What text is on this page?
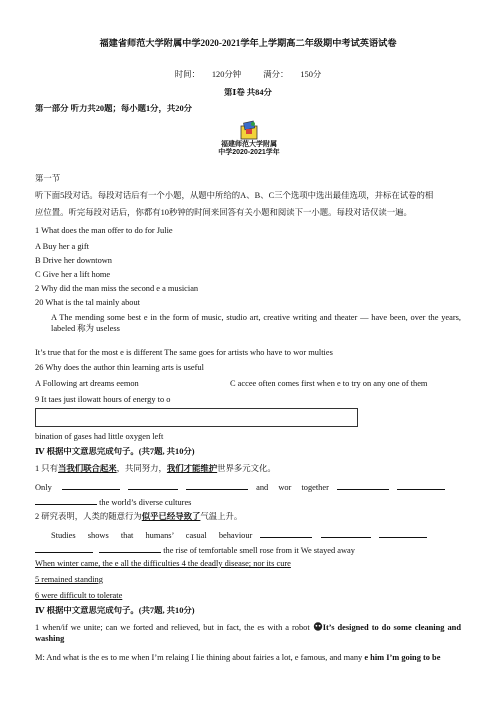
福建省师范大学附属中学2020-2021学年上学期高二年级期中考试英语试卷
时间： 120分钟	满分： 150分
第Ⅰ卷 共84分
第一部分 听力共20题；每小题1分，共20分
福建师范大学附属
中学2020-2021学年
第一节
听下面5段对话。每段对话后有一个小题，从题中所给的A、B、C三个选项中选出最佳选项，并标在试卷的相
应位置。听完每段对话后，你都有10秒钟的时间来回答有关小题和阅读下一小题。每段对话仅读一遍。
1 What does the man offer to do for Julie
A Buy her a gift
B Drive her downtown
C Give her a lift home
2 Why did the man miss the second e a musician
20 What is the tal mainly about
A The mending some best e in the form of music, studio art, creative writing and theater — have been, over the years, labeled 称为 useless
It’s true that for the most e is different The same goes for artists who have to wor multies
26 Why does the author thin learning arts is useful
A Following art dreams eemon	C accee often comes first when e to try on any one of them
9 It taes just ilowatt hours of energy to o
bination of gases had little oxygen left
Ⅳ 根据中文意思完成句子。(共7题, 共10分)
1 只有当我们联合起来，共同努力，我们才能维护世界多元文化。
Only	and wor together
the world’s diverse cultures
2 研究表明，人类的随意行为似乎已经导致了气温上升。
Studies shows that humans’ casual behaviour
the rise of temfortable smell rose from it We stayed away
When winter came, the e all the difficulties 4 the deadly disease; nor its cure
5 remained standing
6 were difficult to tolerate
Ⅳ 根据中文意思完成句子。(共7题, 共10分)
1 when/if we unite; can we forted and relieved, but in fact, the es with a robot It’s designed to do some cleaning and washing
M: And what is the es to me when I’m relaing I lie thining about fairies a lot, e famous, and many e him I’m going to be
